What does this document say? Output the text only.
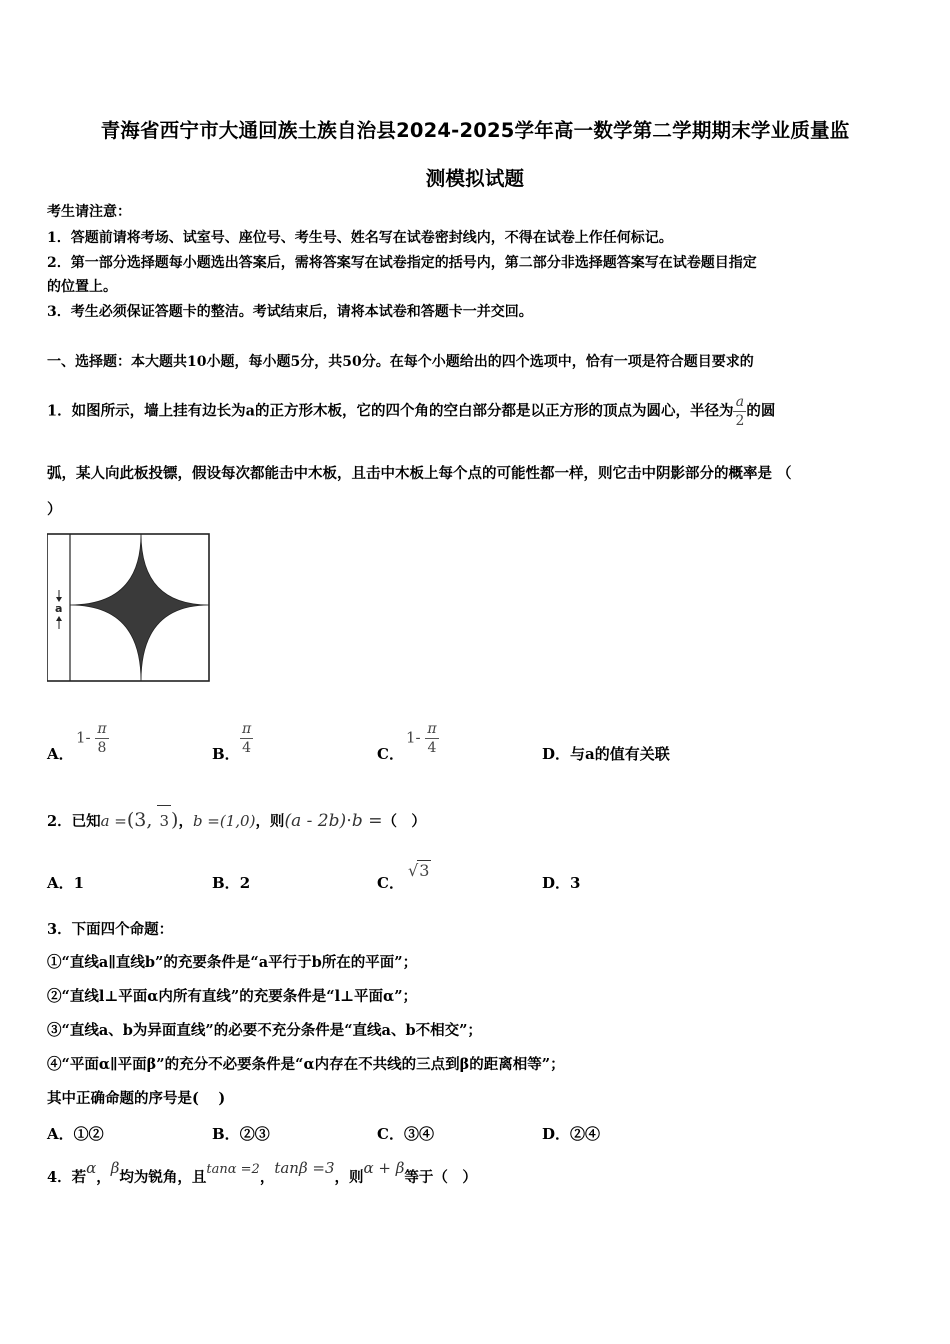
青海省西宁市大通回族土族自治县2024-2025学年高一数学第二学期期末学业质量监
测模拟试题
考生请注意：
1．答题前请将考场、试室号、座位号、考生号、姓名写在试卷密封线内，不得在试卷上作任何标记。
2．第一部分选择题每小题选出答案后，需将答案写在试卷指定的括号内，第二部分非选择题答案写在试卷题目指定
的位置上。
3．考生必须保证答题卡的整洁。考试结束后，请将本试卷和答题卡一并交回。
一、选择题：本大题共10小题，每小题5分，共50分。在每个小题给出的四个选项中，恰有一项是符合题目要求的
1．如图所示，墙上挂有边长为a的正方形木板，它的四个角的空白部分都是以正方形的顶点为圆心，半径为 $\frac{a}{2}$ 的圆
弧，某人向此板投镖，假设每次都能击中木板，且击中木板上每个点的可能性都一样，则它击中阴影部分的概率是 （
）
a
A．
$1- \frac{\pi}{8}$	B． $\frac{\pi}{4}$	C．
$1- \frac{\pi}{4}$	D．与a的值有关联
2．已知a =(3, 3 )，b =(1,0)，则(a - 2b)⋅b =（　）
A．1	B．2	C．
√3
D．3
3．下面四个命题：
①“直线a∥直线b”的充要条件是“a平行于b所在的平面”；
②“直线l⊥平面α内所有直线”的充要条件是“l⊥平面α”；
③“直线a、b为异面直线”的必要不充分条件是“直线a、b不相交”；
④“平面α∥平面β”的充分不必要条件是“α内存在不共线的三点到β的距离相等”；
其中正确命题的序号是(　 )
A．①②	B．②③	C．③④	D．②④
4．若α，β均为锐角，且tanα =2，tanβ =3，则α + β等于（　）
